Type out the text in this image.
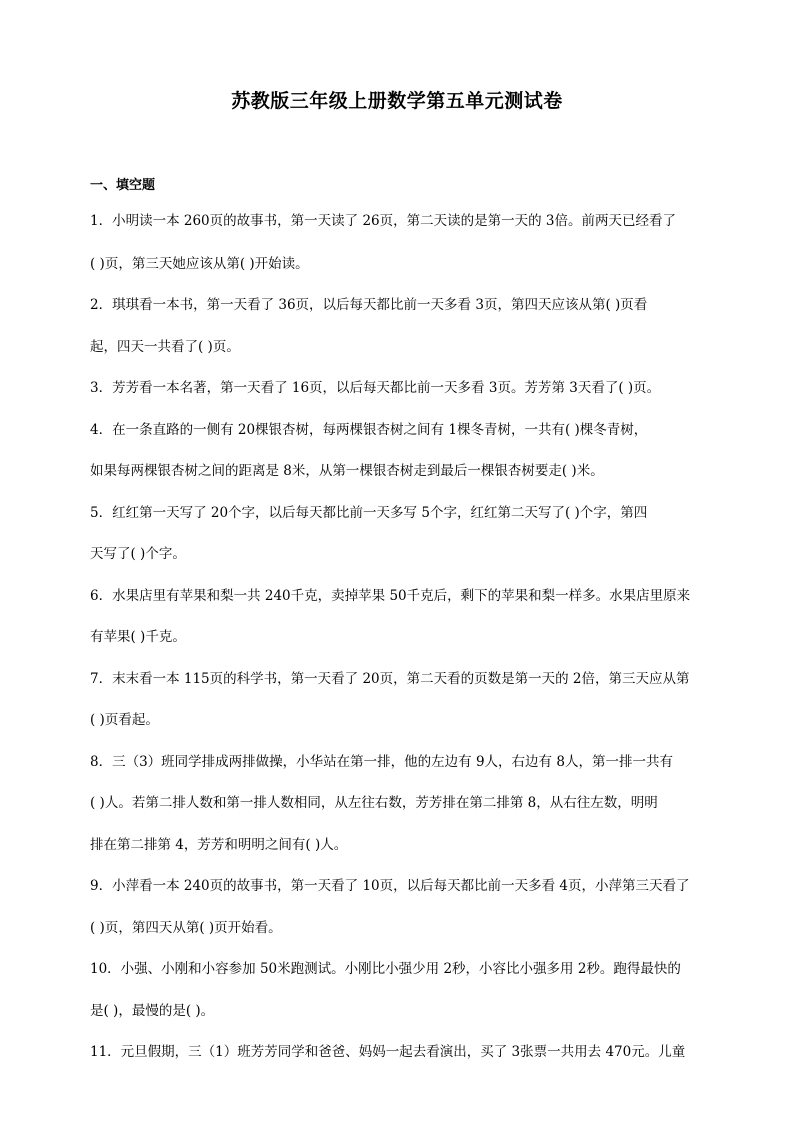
苏教版三年级上册数学第五单元测试卷
一、填空题
1．小明读一本 260页的故事书，第一天读了 26页，第二天读的是第一天的 3倍。前两天已经看了
( )页，第三天她应该从第( )开始读。
2．琪琪看一本书，第一天看了 36页，以后每天都比前一天多看 3页，第四天应该从第( )页看
起，四天一共看了( )页。
3．芳芳看一本名著，第一天看了 16页，以后每天都比前一天多看 3页。芳芳第 3天看了( )页。
4．在一条直路的一侧有 20棵银杏树，每两棵银杏树之间有 1棵冬青树，一共有( )棵冬青树，
如果每两棵银杏树之间的距离是 8米，从第一棵银杏树走到最后一棵银杏树要走( )米。
5．红红第一天写了 20个字，以后每天都比前一天多写 5个字，红红第二天写了( )个字，第四
天写了( )个字。
6．水果店里有苹果和梨一共 240千克，卖掉苹果 50千克后，剩下的苹果和梨一样多。水果店里原来
有苹果( )千克。
7．末末看一本 115页的科学书，第一天看了 20页，第二天看的页数是第一天的 2倍，第三天应从第
( )页看起。
8．三（3）班同学排成两排做操，小华站在第一排，他的左边有 9人，右边有 8人，第一排一共有
( )人。若第二排人数和第一排人数相同，从左往右数，芳芳排在第二排第 8，从右往左数，明明
排在第二排第 4，芳芳和明明之间有( )人。
9．小萍看一本 240页的故事书，第一天看了 10页，以后每天都比前一天多看 4页，小萍第三天看了
( )页，第四天从第( )页开始看。
10．小强、小刚和小容参加 50米跑测试。小刚比小强少用 2秒，小容比小强多用 2秒。跑得最快的
是( )，最慢的是( )。
11．元旦假期，三（1）班芳芳同学和爸爸、妈妈一起去看演出，买了 3张票一共用去 470元。儿童
